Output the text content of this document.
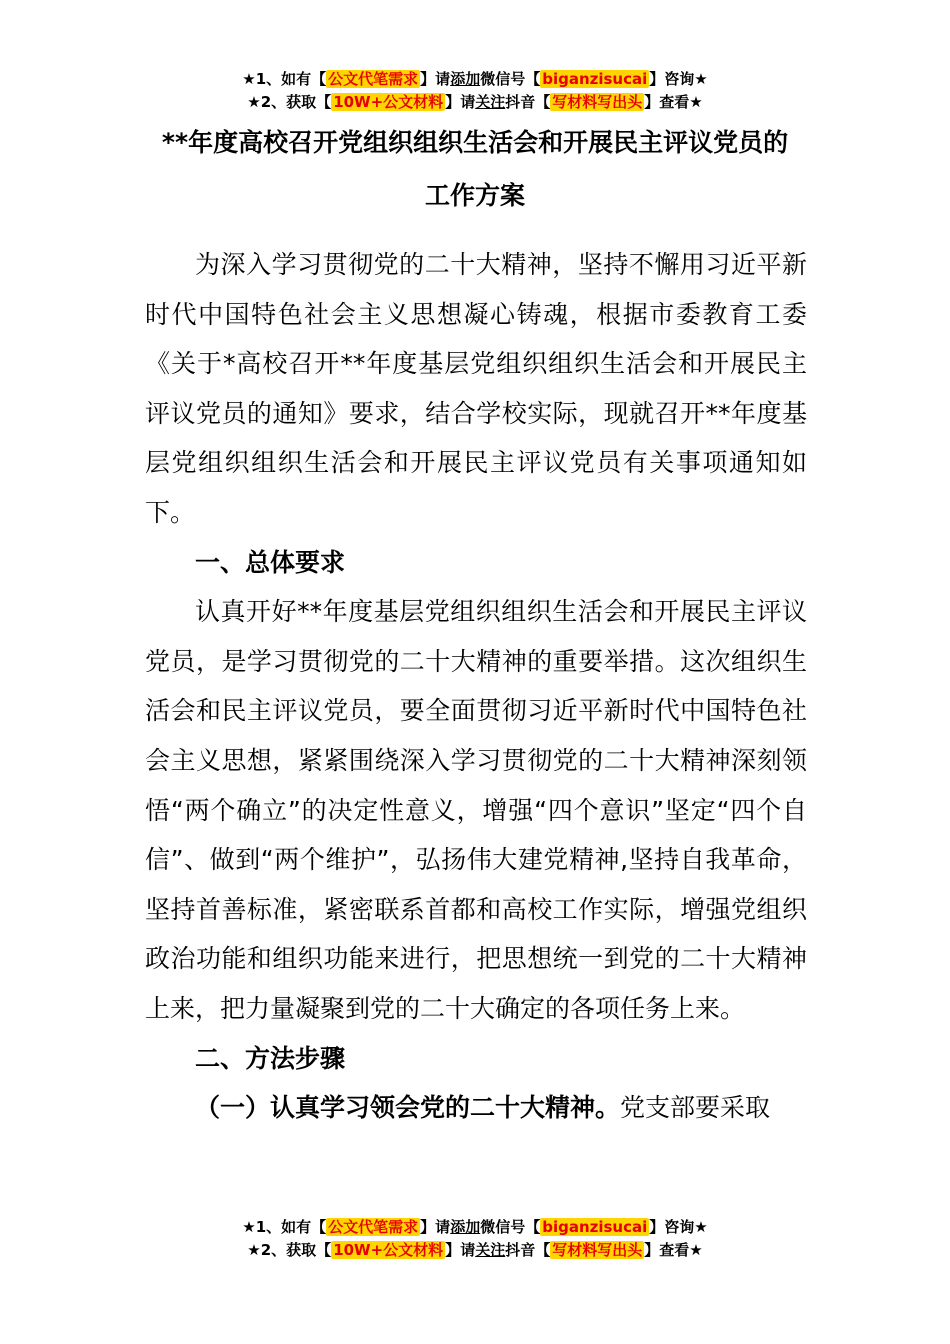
★1、如有【 公文代笔需求 】请添加微信号【 biganzisucai 】咨询★
★2、获取【 10W+公文材料 】请关注抖音【 写材料写出头 】查看★
**年度高校召开党组织组织生活会和开展民主评议党员的
工作方案

为深入学习贯彻党的二十大精神，坚持不懈用习近平新时代中国特色社会主义思想凝心铸魂，根据市委教育工委《关于*高校召开**年度基层党组织组织生活会和开展民主评议党员的通知》要求，结合学校实际，现就召开**年度基层党组织组织生活会和开展民主评议党员有关事项通知如下。

一、总体要求

认真开好**年度基层党组织组织生活会和开展民主评议党员，是学习贯彻党的二十大精神的重要举措。这次组织生活会和民主评议党员，要全面贯彻习近平新时代中国特色社会主义思想，紧紧围绕深入学习贯彻党的二十大精神深刻领悟“两个确立”的决定性意义，增强“四个意识”坚定“四个自信”、做到“两个维护”，弘扬伟大建党精神,坚持自我革命，坚持首善标准，紧密联系首都和高校工作实际，增强党组织政治功能和组织功能来进行，把思想统一到党的二十大精神上来，把力量凝聚到党的二十大确定的各项任务上来。

二、方法步骤

（一）认真学习领会党的二十大精神。党支部要采取

★1、如有【 公文代笔需求 】请添加微信号【 biganzisucai 】咨询★
★2、获取【 10W+公文材料 】请关注抖音【 写材料写出头 】查看★
